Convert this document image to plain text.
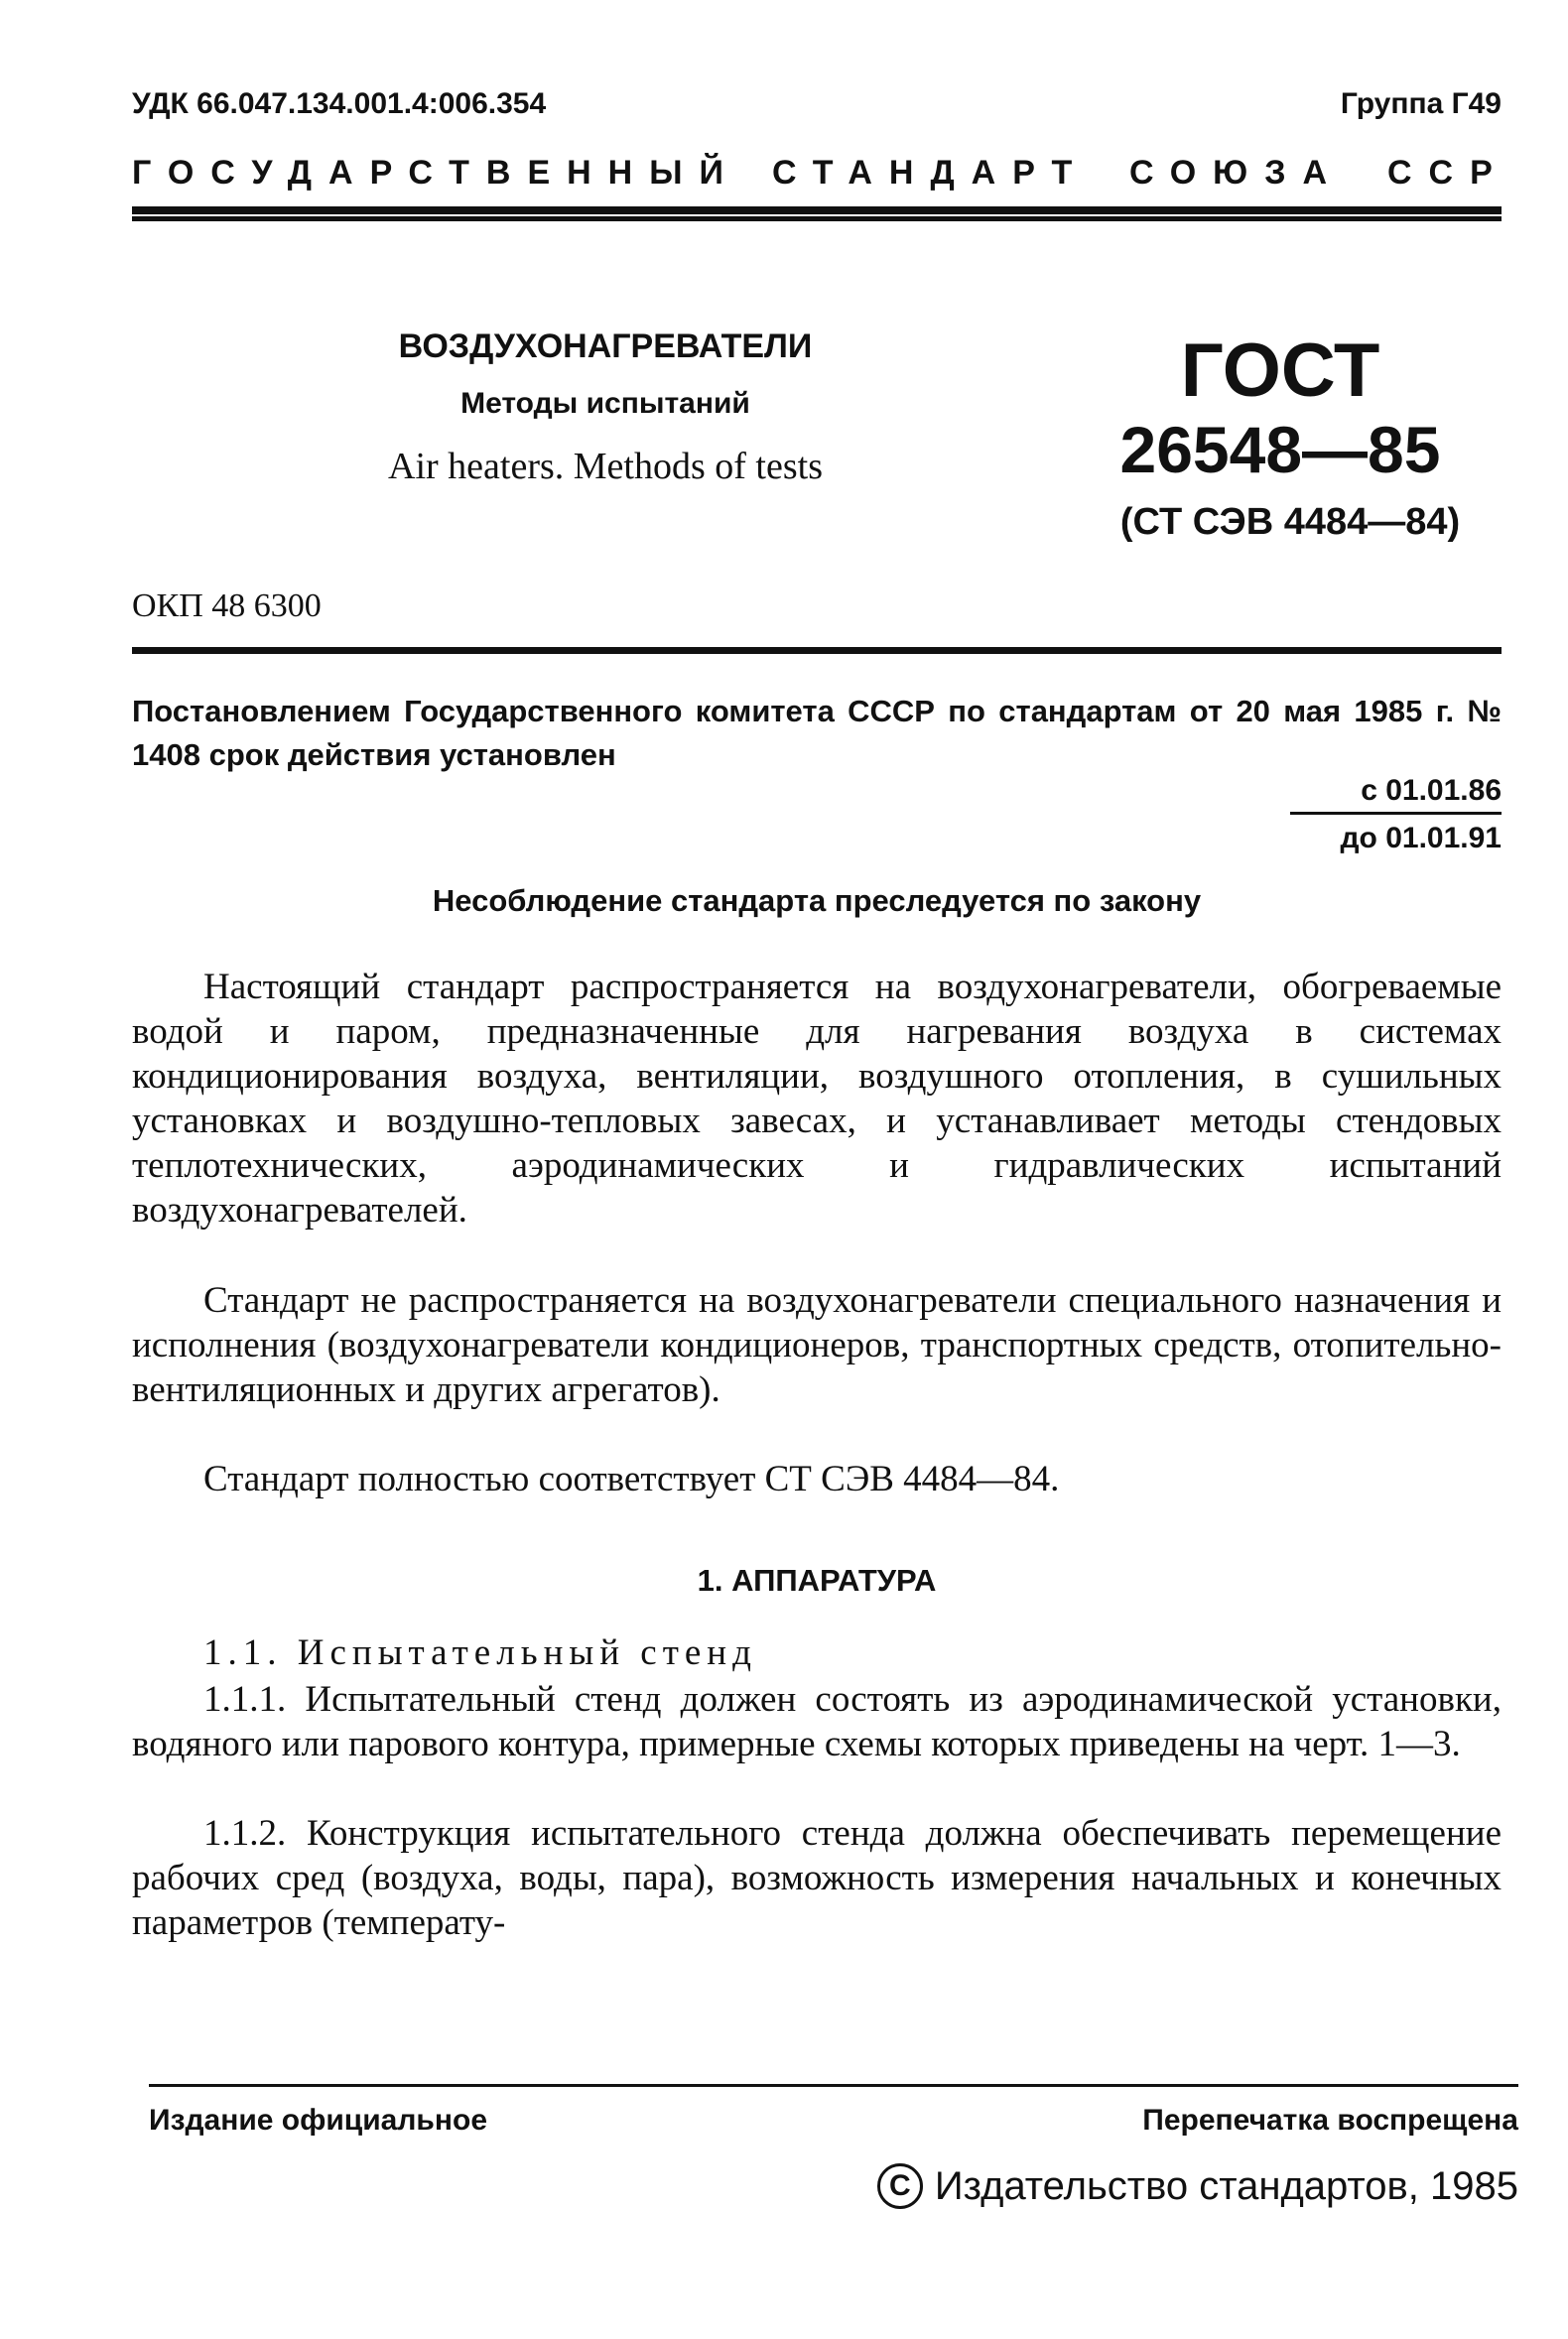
УДК 66.047.134.001.4:006.354	Группа Г49
ГОСУДАРСТВЕННЫЙ СТАНДАРТ СОЮЗА ССР
ВОЗДУХОНАГРЕВАТЕЛИ
Методы испытаний
Air heaters. Methods of tests
ГОСТ
26548—85
(СТ СЭВ 4484—84)
ОКП 48 6300
Постановлением Государственного комитета СССР по стандартам от 20 мая 1985 г. № 1408 срок действия установлен
с 01.01.86
до 01.01.91
Несоблюдение стандарта преследуется по закону
Настоящий стандарт распространяется на воздухонагреватели, обогреваемые водой и паром, предназначенные для нагревания воздуха в системах кондиционирования воздуха, вентиляции, воздушного отопления, в сушильных установках и воздушно-тепловых завесах, и устанавливает методы стендовых теплотехнических, аэродинамических и гидравлических испытаний воздухонагревателей.
Стандарт не распространяется на воздухонагреватели специального назначения и исполнения (воздухонагреватели кондиционеров, транспортных средств, отопительно-вентиляционных и других агрегатов).
Стандарт полностью соответствует СТ СЭВ 4484—84.
1. АППАРАТУРА
1.1. Испытательный стенд
1.1.1. Испытательный стенд должен состоять из аэродинамической установки, водяного или парового контура, примерные схемы которых приведены на черт. 1—3.
1.1.2. Конструкция испытательного стенда должна обеспечивать перемещение рабочих сред (воздуха, воды, пара), возможность измерения начальных и конечных параметров (температу-
Издание официальное	Перепечатка воспрещена
C Издательство стандартов, 1985
